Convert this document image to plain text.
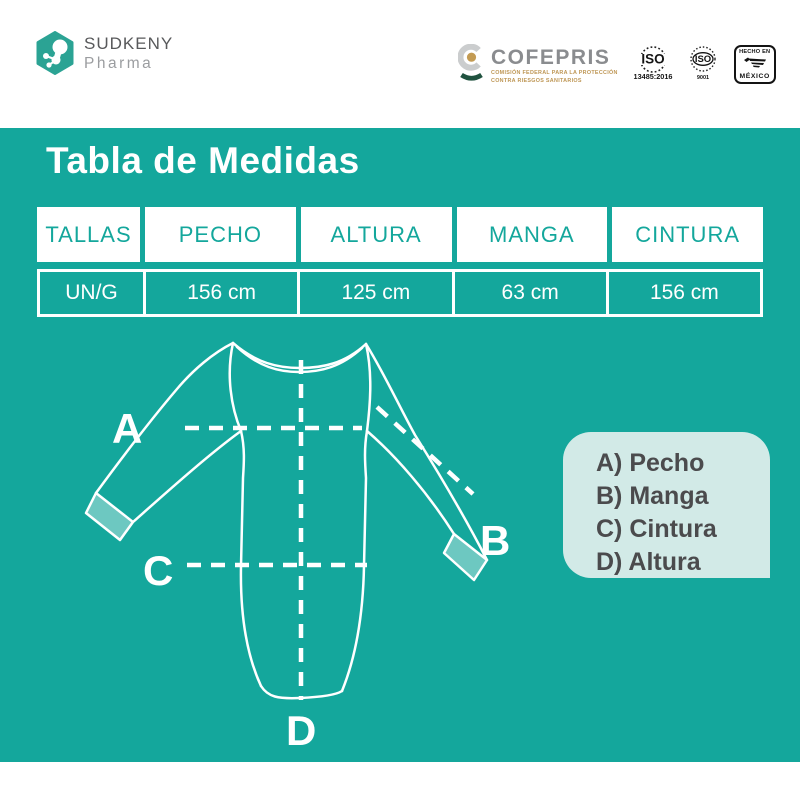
SUDKENY
Pharma	COFEPRIS
COMISIÓN FEDERAL PARA LA PROTECCIÓN
CONTRA RIESGOS SANITARIOS
ISO
13485:2016
ISO
9001
HECHO EN
MÉXICO
Tabla de Medidas
TALLAS	PECHO	ALTURA	MANGA	CINTURA
UN/G	156 cm	125 cm	63 cm	156 cm
A
B
C
D
A) Pecho
B) Manga
C) Cintura
D) Altura
